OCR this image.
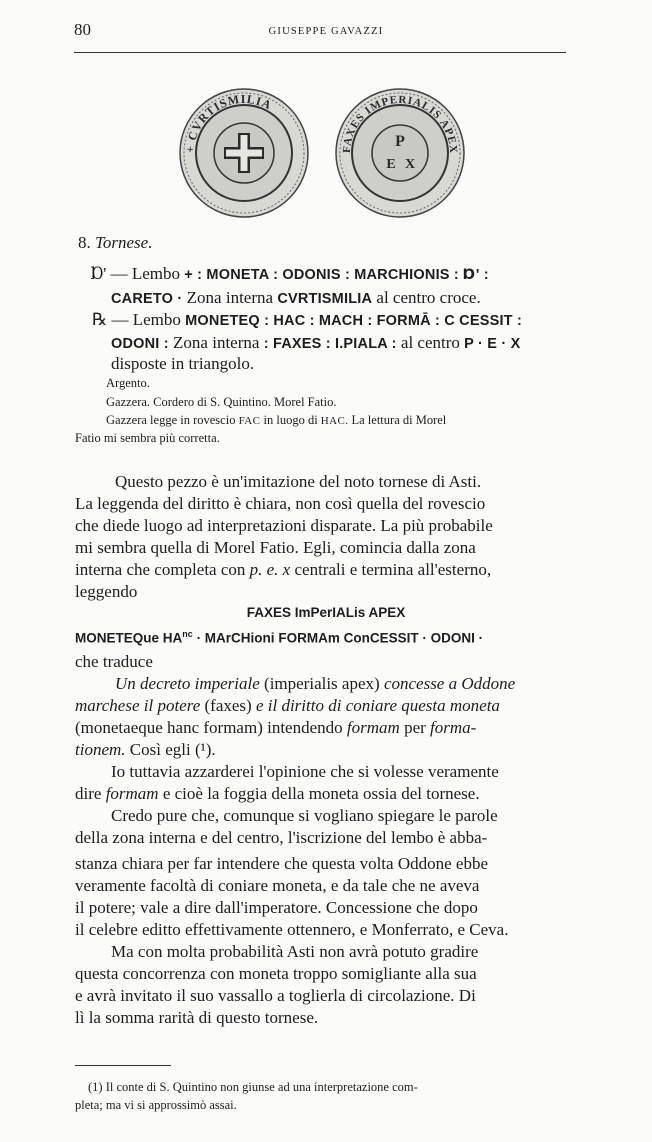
80	GIUSEPPE GAVAZZI
+ CVRTISMILIA
FAXES IMPERIALIS APEX
P
E X
8. Tornese.
Ɒ' — Lembo + : MONETA : ODONIS : MARCHIONIS : Ɒ' :
CARETO · Zona interna CVRTISMILIA al centro croce.
℞ — Lembo MONETEQ : HAC : MACH : FORMĀ : C CESSIT :
ODONI : Zona interna : FAXES : I.PIALA : al centro P · E · X
disposte in triangolo.
Argento.
Gazzera. Cordero di S. Quintino. Morel Fatio.
Gazzera legge in rovescio FAC in luogo di HAC. La lettura di Morel
Fatio mi sembra più corretta.
Questo pezzo è un'imitazione del noto tornese di Asti.
La leggenda del diritto è chiara, non così quella del rovescio
che diede luogo ad interpretazioni disparate. La più probabile
mi sembra quella di Morel Fatio. Egli, comincia dalla zona
interna che completa con p. e. x centrali e termina all'esterno,
leggendo
FAXES ImPerIALis APEX
MONETEQue $HA^{nc}$ · MArCHioni FORMAm ConCESSIT · ODONI ·
che traduce
Un decreto imperiale (imperialis apex) concesse a Oddone
marchese il potere (faxes) e il diritto di coniare questa moneta
(monetaeque hanc formam) intendendo formam per forma-
tionem. Così egli (¹).
Io tuttavia azzarderei l'opinione che si volesse veramente
dire formam e cioè la foggia della moneta ossia del tornese.
Credo pure che, comunque si vogliano spiegare le parole
della zona interna e del centro, l'iscrizione del lembo è abba-
stanza chiara per far intendere che questa volta Oddone ebbe
veramente facoltà di coniare moneta, e da tale che ne aveva
il potere; vale a dire dall'imperatore. Concessione che dopo
il celebre editto effettivamente ottennero, e Monferrato, e Ceva.
Ma con molta probabilità Asti non avrà potuto gradire
questa concorrenza con moneta troppo somigliante alla sua
e avrà invitato il suo vassallo a toglierla di circolazione. Di
lì la somma rarità di questo tornese.
(1) Il conte di S. Quintino non giunse ad una interpretazione com-
pleta; ma vi si approssimò assai.
